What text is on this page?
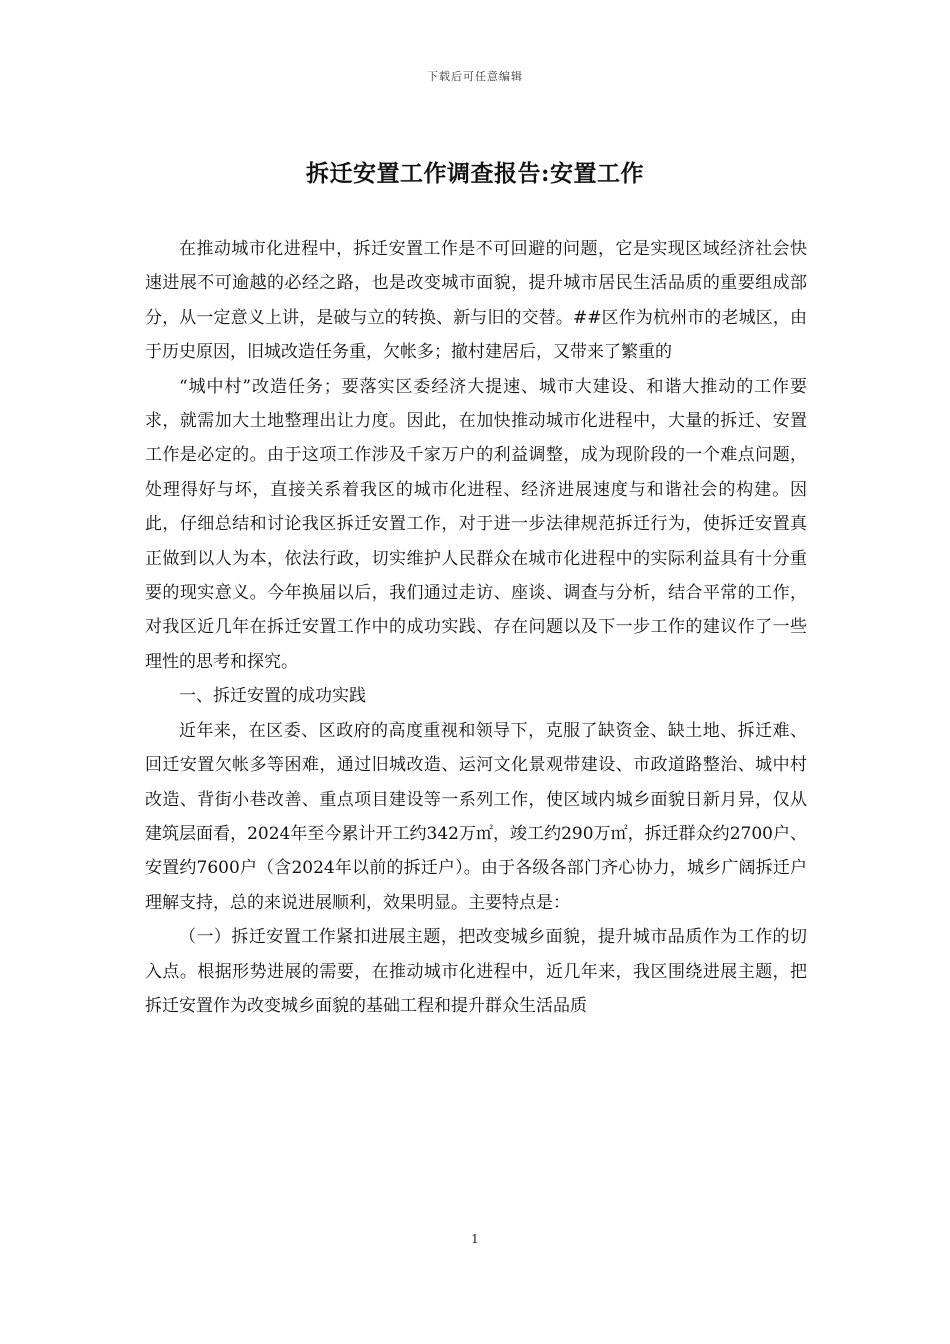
下载后可任意编辑
拆迁安置工作调查报告:安置工作

在推动城市化进程中，拆迁安置工作是不可回避的问题，它是实现区域经济社会快速进展不可逾越的必经之路，也是改变城市面貌，提升城市居民生活品质的重要组成部分，从一定意义上讲，是破与立的转换、新与旧的交替。##区作为杭州市的老城区，由于历史原因，旧城改造任务重，欠帐多；撤村建居后，又带来了繁重的

“城中村”改造任务；要落实区委经济大提速、城市大建设、和谐大推动的工作要求，就需加大土地整理出让力度。因此，在加快推动城市化进程中，大量的拆迁、安置工作是必定的。由于这项工作涉及千家万户的利益调整，成为现阶段的一个难点问题，处理得好与坏，直接关系着我区的城市化进程、经济进展速度与和谐社会的构建。因此，仔细总结和讨论我区拆迁安置工作，对于进一步法律规范拆迁行为，使拆迁安置真正做到以人为本，依法行政，切实维护人民群众在城市化进程中的实际利益具有十分重要的现实意义。今年换届以后，我们通过走访、座谈、调查与分析，结合平常的工作，对我区近几年在拆迁安置工作中的成功实践、存在问题以及下一步工作的建议作了一些理性的思考和探究。

一、拆迁安置的成功实践

近年来，在区委、区政府的高度重视和领导下，克服了缺资金、缺土地、拆迁难、回迁安置欠帐多等困难，通过旧城改造、运河文化景观带建设、市政道路整治、城中村改造、背街小巷改善、重点项目建设等一系列工作，使区域内城乡面貌日新月异，仅从建筑层面看，2024年至今累计开工约342万㎡，竣工约290万㎡，拆迁群众约2700户、安置约7600户（含2024年以前的拆迁户）。由于各级各部门齐心协力，城乡广阔拆迁户理解支持，总的来说进展顺利，效果明显。主要特点是：

（一）拆迁安置工作紧扣进展主题，把改变城乡面貌，提升城市品质作为工作的切入点。根据形势进展的需要，在推动城市化进程中，近几年来，我区围绕进展主题，把拆迁安置作为改变城乡面貌的基础工程和提升群众生活品质

1
